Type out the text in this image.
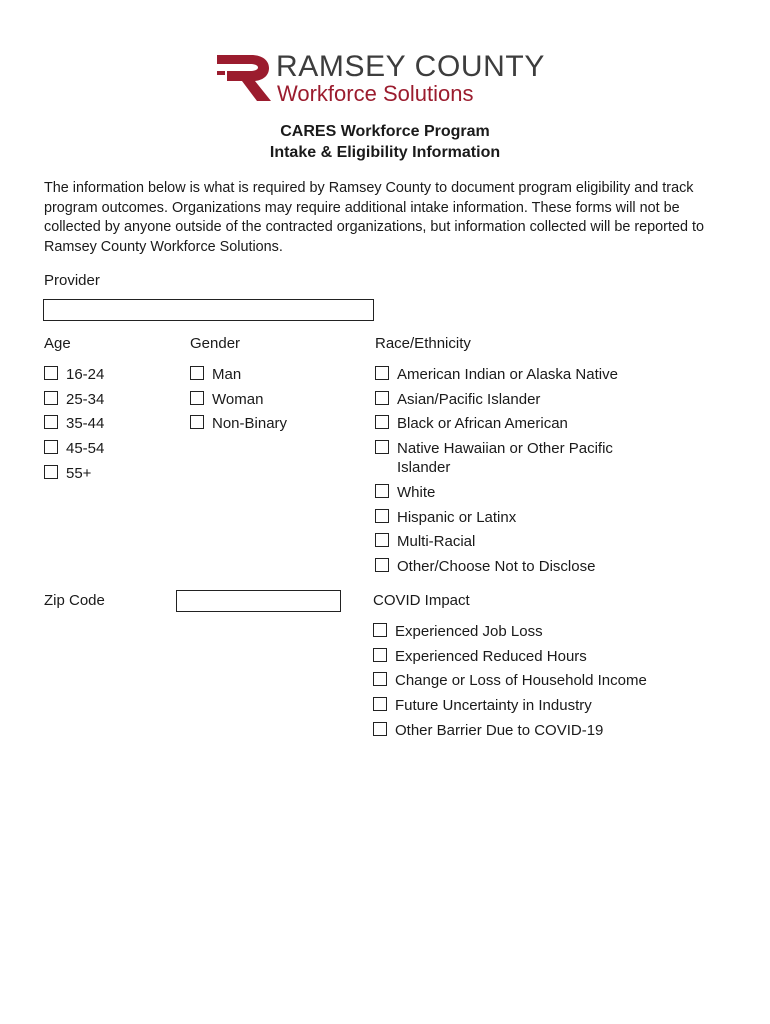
RAMSEY COUNTY
Workforce Solutions
CARES Workforce Program
Intake & Eligibility Information
The information below is what is required by Ramsey County to document program eligibility and track program outcomes. Organizations may require additional intake information. These forms will not be collected by anyone outside of the contracted organizations, but information collected will be reported to Ramsey County Workforce Solutions.
Provider
Age	Gender	Race/Ethnicity
16-24
25-34
35-44
45-54
55+
Man
Woman
Non-Binary
American Indian or Alaska Native
Asian/Pacific Islander
Black or African American
Native Hawaiian or Other Pacific Islander
White
Hispanic or Latinx
Multi-Racial
Other/Choose Not to Disclose
Zip Code	COVID Impact
Experienced Job Loss
Experienced Reduced Hours
Change or Loss of Household Income
Future Uncertainty in Industry
Other Barrier Due to COVID-19
